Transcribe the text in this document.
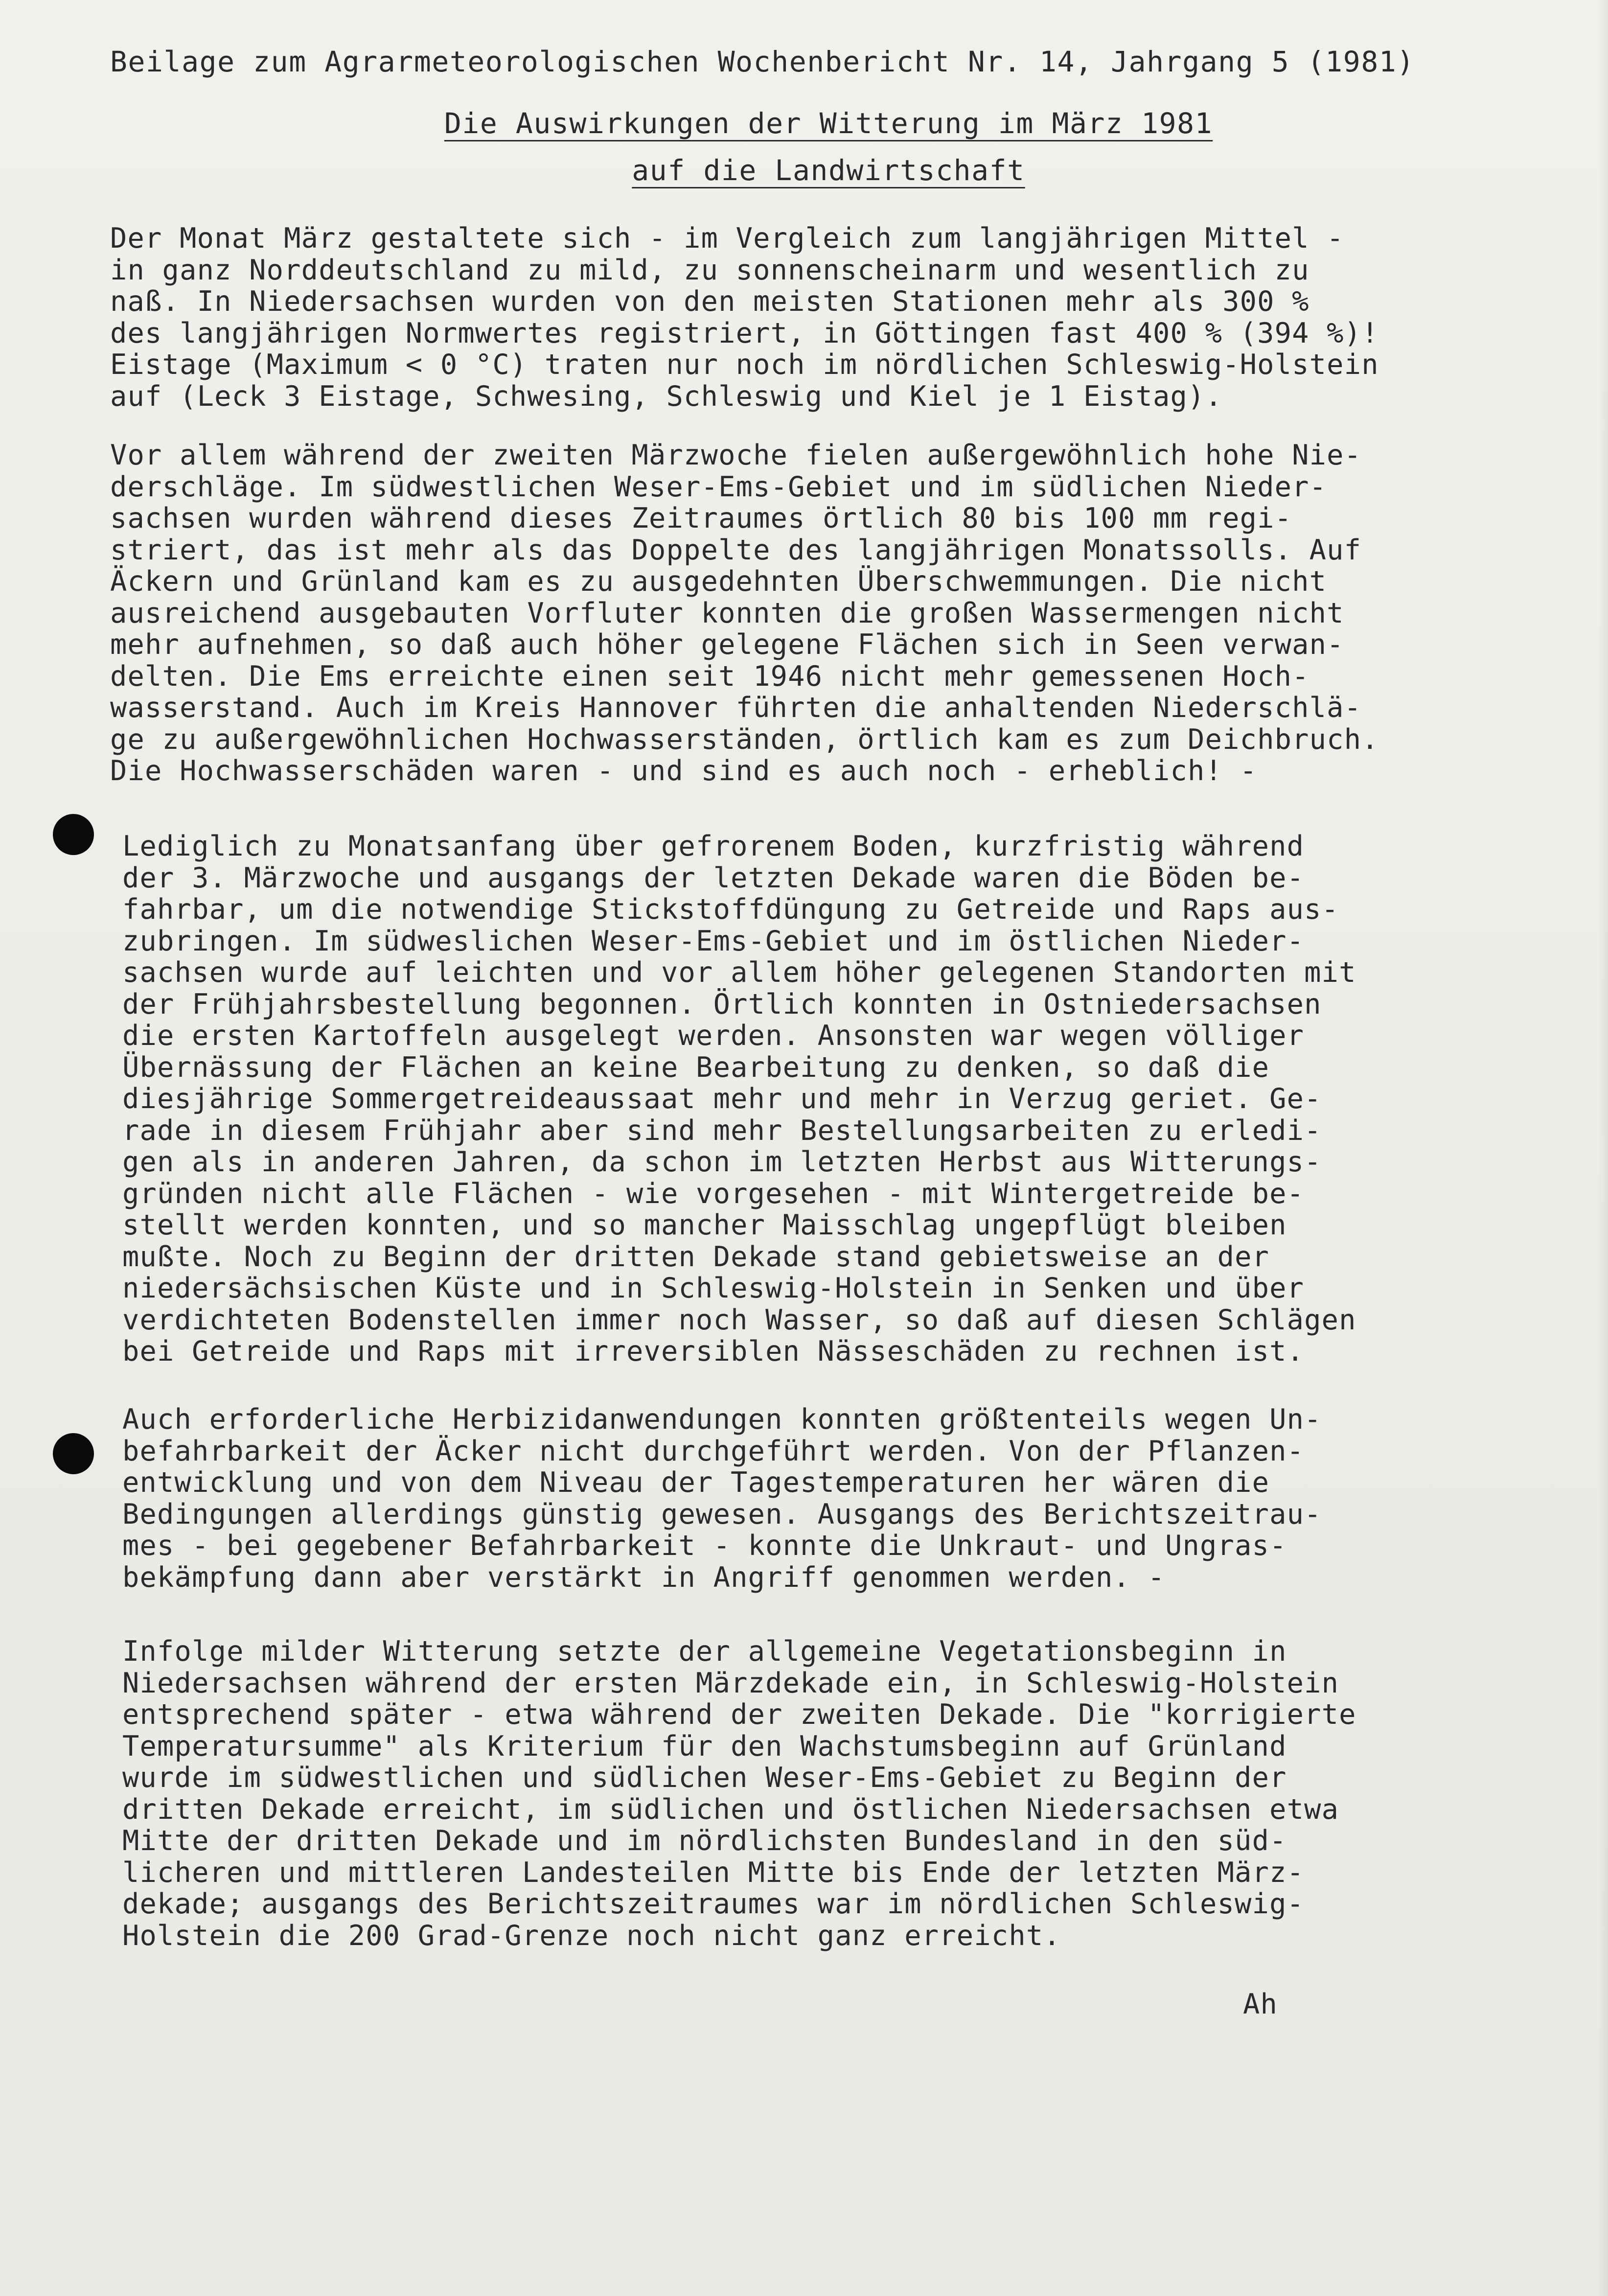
Beilage zum Agrarmeteorologischen Wochenbericht Nr. 14, Jahrgang 5 (1981)
Die Auswirkungen der Witterung im März 1981
auf die Landwirtschaft
Der Monat März gestaltete sich - im Vergleich zum langjährigen Mittel -
in ganz Norddeutschland zu mild, zu sonnenscheinarm und wesentlich zu
naß. In Niedersachsen wurden von den meisten Stationen mehr als 300 %
des langjährigen Normwertes registriert, in Göttingen fast 400 % (394 %)!
Eistage (Maximum < 0 °C) traten nur noch im nördlichen Schleswig-Holstein
auf (Leck 3 Eistage, Schwesing, Schleswig und Kiel je 1 Eistag).
Vor allem während der zweiten Märzwoche fielen außergewöhnlich hohe Nie-
derschläge. Im südwestlichen Weser-Ems-Gebiet und im südlichen Nieder-
sachsen wurden während dieses Zeitraumes örtlich 80 bis 100 mm regi-
striert, das ist mehr als das Doppelte des langjährigen Monatssolls. Auf
Äckern und Grünland kam es zu ausgedehnten Überschwemmungen. Die nicht
ausreichend ausgebauten Vorfluter konnten die großen Wassermengen nicht
mehr aufnehmen, so daß auch höher gelegene Flächen sich in Seen verwan-
delten. Die Ems erreichte einen seit 1946 nicht mehr gemessenen Hoch-
wasserstand. Auch im Kreis Hannover führten die anhaltenden Niederschlä-
ge zu außergewöhnlichen Hochwasserständen, örtlich kam es zum Deichbruch.
Die Hochwasserschäden waren - und sind es auch noch - erheblich! -
Lediglich zu Monatsanfang über gefrorenem Boden, kurzfristig während
der 3. Märzwoche und ausgangs der letzten Dekade waren die Böden be-
fahrbar, um die notwendige Stickstoffdüngung zu Getreide und Raps aus-
zubringen. Im südweslichen Weser-Ems-Gebiet und im östlichen Nieder-
sachsen wurde auf leichten und vor allem höher gelegenen Standorten mit
der Frühjahrsbestellung begonnen. Örtlich konnten in Ostniedersachsen
die ersten Kartoffeln ausgelegt werden. Ansonsten war wegen völliger
Übernässung der Flächen an keine Bearbeitung zu denken, so daß die
diesjährige Sommergetreideaussaat mehr und mehr in Verzug geriet. Ge-
rade in diesem Frühjahr aber sind mehr Bestellungsarbeiten zu erledi-
gen als in anderen Jahren, da schon im letzten Herbst aus Witterungs-
gründen nicht alle Flächen - wie vorgesehen - mit Wintergetreide be-
stellt werden konnten, und so mancher Maisschlag ungepflügt bleiben
mußte. Noch zu Beginn der dritten Dekade stand gebietsweise an der
niedersächsischen Küste und in Schleswig-Holstein in Senken und über
verdichteten Bodenstellen immer noch Wasser, so daß auf diesen Schlägen
bei Getreide und Raps mit irreversiblen Nässeschäden zu rechnen ist.
Auch erforderliche Herbizidanwendungen konnten größtenteils wegen Un-
befahrbarkeit der Äcker nicht durchgeführt werden. Von der Pflanzen-
entwicklung und von dem Niveau der Tagestemperaturen her wären die
Bedingungen allerdings günstig gewesen. Ausgangs des Berichtszeitrau-
mes - bei gegebener Befahrbarkeit - konnte die Unkraut- und Ungras-
bekämpfung dann aber verstärkt in Angriff genommen werden. -
Infolge milder Witterung setzte der allgemeine Vegetationsbeginn in
Niedersachsen während der ersten Märzdekade ein, in Schleswig-Holstein
entsprechend später - etwa während der zweiten Dekade. Die "korrigierte
Temperatursumme" als Kriterium für den Wachstumsbeginn auf Grünland
wurde im südwestlichen und südlichen Weser-Ems-Gebiet zu Beginn der
dritten Dekade erreicht, im südlichen und östlichen Niedersachsen etwa
Mitte der dritten Dekade und im nördlichsten Bundesland in den süd-
licheren und mittleren Landesteilen Mitte bis Ende der letzten März-
dekade; ausgangs des Berichtszeitraumes war im nördlichen Schleswig-
Holstein die 200 Grad-Grenze noch nicht ganz erreicht.
Ah
